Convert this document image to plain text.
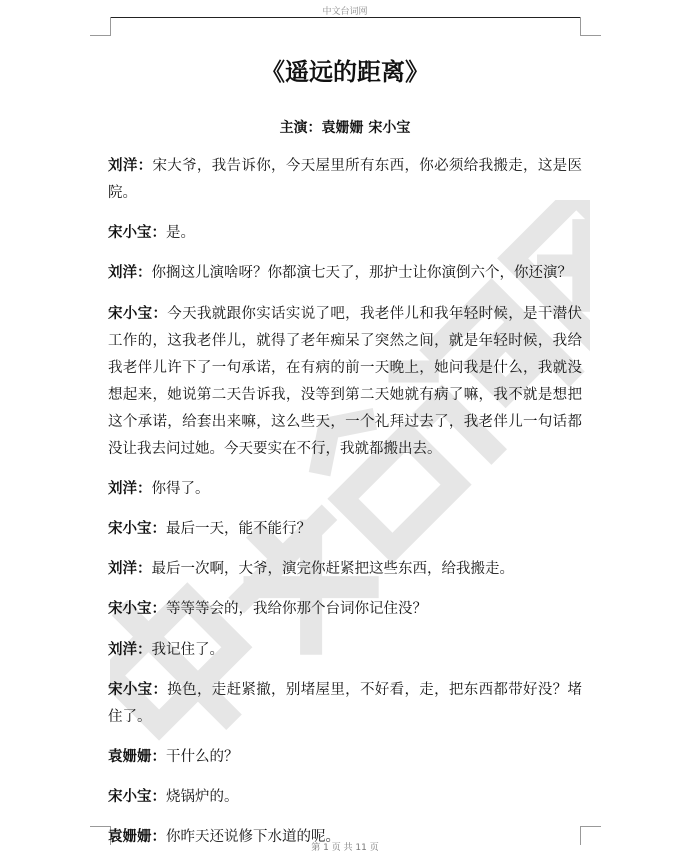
中文台词网
《遥远的距离》
主演：袁姗姗 宋小宝

刘洋：宋大爷，我告诉你，今天屋里所有东西，你必须给我搬走，这是医院。

宋小宝：是。

刘洋：你搁这儿演啥呀？你都演七天了，那护士让你演倒六个，你还演？

宋小宝：今天我就跟你实话实说了吧，我老伴儿和我年轻时候，是干潜伏工作的，这我老伴儿，就得了老年痴呆了突然之间，就是年轻时候，我给我老伴儿许下了一句承诺，在有病的前一天晚上，她问我是什么，我就没想起来，她说第二天告诉我，没等到第二天她就有病了嘛，我不就是想把这个承诺，给套出来嘛，这么些天，一个礼拜过去了，我老伴儿一句话都没让我去问过她。今天要实在不行，我就都搬出去。

刘洋：你得了。

宋小宝：最后一天，能不能行？

刘洋：最后一次啊，大爷，演完你赶紧把这些东西，给我搬走。

宋小宝：等等等会的，我给你那个台词你记住没？

刘洋：我记住了。

宋小宝：换色，走赶紧撤，别堵屋里，不好看，走，把东西都带好没？堵住了。

袁姗姗：干什么的？

宋小宝：烧锅炉的。

袁姗姗：你昨天还说修下水道的呢。

第 1 页 共 11 页
